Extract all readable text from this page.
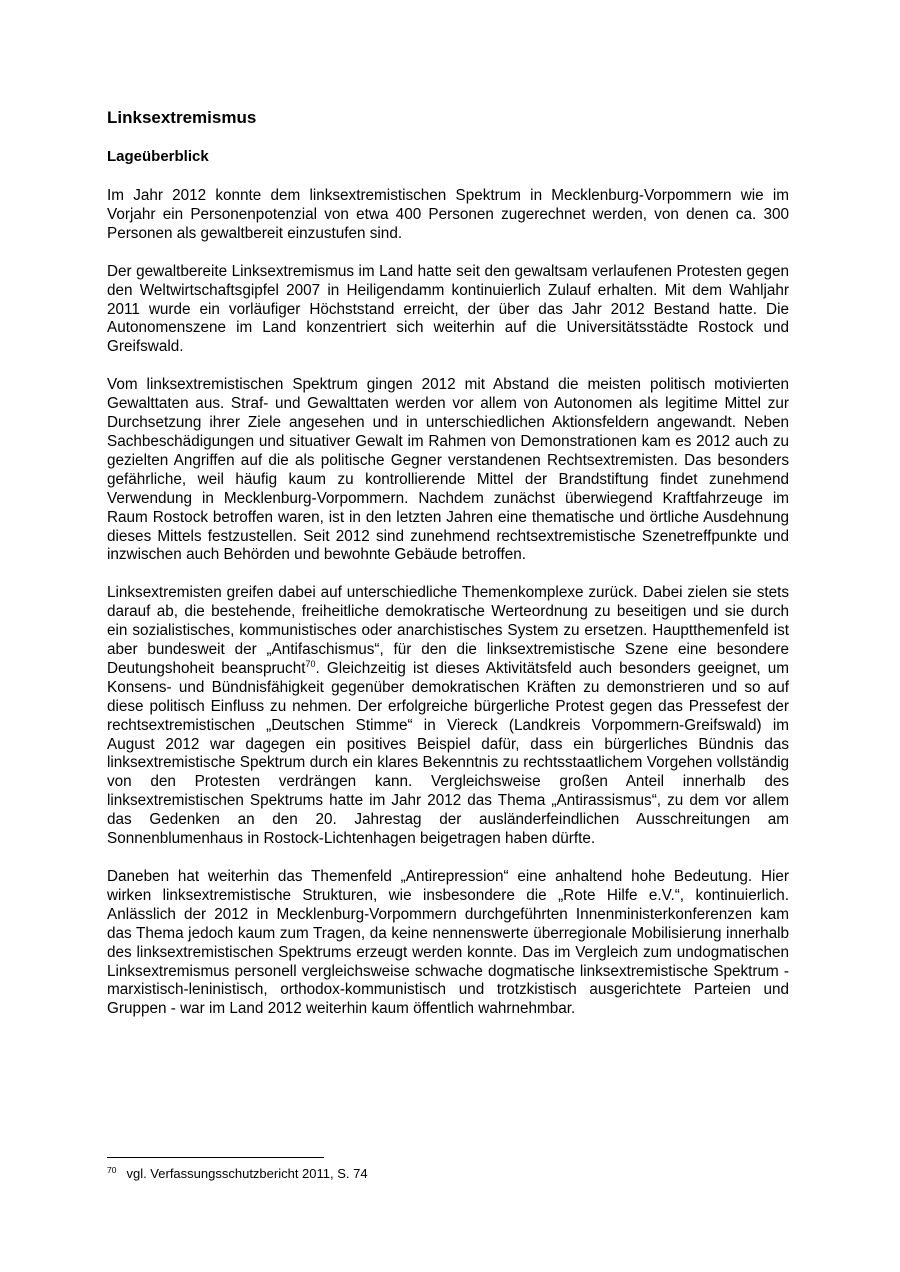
Linksextremismus
Lageüberblick

Im Jahr 2012 konnte dem linksextremistischen Spektrum in Mecklenburg-Vorpommern wie im Vorjahr ein Personenpotenzial von etwa 400 Personen zugerechnet werden, von denen ca. 300 Personen als gewaltbereit einzustufen sind.

Der gewaltbereite Linksextremismus im Land hatte seit den gewaltsam verlaufenen Protesten gegen den Weltwirtschaftsgipfel 2007 in Heiligendamm kontinuierlich Zulauf erhalten. Mit dem Wahljahr 2011 wurde ein vorläufiger Höchststand erreicht, der über das Jahr 2012 Bestand hatte. Die Autonomenszene im Land konzentriert sich weiterhin auf die Universitätsstädte Rostock und Greifswald.

Vom linksextremistischen Spektrum gingen 2012 mit Abstand die meisten politisch motivierten Gewalttaten aus. Straf- und Gewalttaten werden vor allem von Autonomen als legitime Mittel zur Durchsetzung ihrer Ziele angesehen und in unterschiedlichen Aktionsfeldern angewandt. Neben Sachbeschädigungen und situativer Gewalt im Rahmen von Demonstrationen kam es 2012 auch zu gezielten Angriffen auf die als politische Gegner verstandenen Rechtsextremisten. Das besonders gefährliche, weil häufig kaum zu kontrollierende Mittel der Brandstiftung findet zunehmend Verwendung in Mecklenburg-Vorpommern. Nachdem zunächst überwiegend Kraftfahrzeuge im Raum Rostock betroffen waren, ist in den letzten Jahren eine thematische und örtliche Ausdehnung dieses Mittels festzustellen. Seit 2012 sind zunehmend rechtsextremistische Szenetreffpunkte und inzwischen auch Behörden und bewohnte Gebäude betroffen.

Linksextremisten greifen dabei auf unterschiedliche Themenkomplexe zurück. Dabei zielen sie stets darauf ab, die bestehende, freiheitliche demokratische Werteordnung zu beseitigen und sie durch ein sozialistisches, kommunistisches oder anarchistisches System zu ersetzen. Hauptthemenfeld ist aber bundesweit der „Antifaschismus“, für den die linksextremistische Szene eine besondere Deutungshoheit beansprucht$^{70}$. Gleichzeitig ist dieses Aktivitätsfeld auch besonders geeignet, um Konsens- und Bündnisfähigkeit gegenüber demokratischen Kräften zu demonstrieren und so auf diese politisch Einfluss zu nehmen. Der erfolgreiche bürgerliche Protest gegen das Pressefest der rechtsextremistischen „Deutschen Stimme“ in Viereck (Landkreis Vorpommern-Greifswald) im August 2012 war dagegen ein positives Beispiel dafür, dass ein bürgerliches Bündnis das linksextremistische Spektrum durch ein klares Bekenntnis zu rechtsstaatlichem Vorgehen vollständig von den Protesten verdrängen kann. Vergleichsweise großen Anteil innerhalb des linksextremistischen Spektrums hatte im Jahr 2012 das Thema „Antirassismus“, zu dem vor allem das Gedenken an den 20. Jahrestag der ausländerfeindlichen Ausschreitungen am Sonnenblumenhaus in Rostock-Lichtenhagen beigetragen haben dürfte.

Daneben hat weiterhin das Themenfeld „Antirepression“ eine anhaltend hohe Bedeutung. Hier wirken linksextremistische Strukturen, wie insbesondere die „Rote Hilfe e.V.“, kontinuierlich. Anlässlich der 2012 in Mecklenburg-Vorpommern durchgeführten Innenministerkonferenzen kam das Thema jedoch kaum zum Tragen, da keine nennenswerte überregionale Mobilisierung innerhalb des linksextremistischen Spektrums erzeugt werden konnte. Das im Vergleich zum undogmatischen Linksextremismus personell vergleichsweise schwache dogmatische linksextremistische Spektrum - marxistisch-leninistisch, orthodox-kommunistisch und trotzkistisch ausgerichtete Parteien und Gruppen - war im Land 2012 weiterhin kaum öffentlich wahrnehmbar.

$^{70}$ vgl. Verfassungsschutzbericht 2011, S. 74
